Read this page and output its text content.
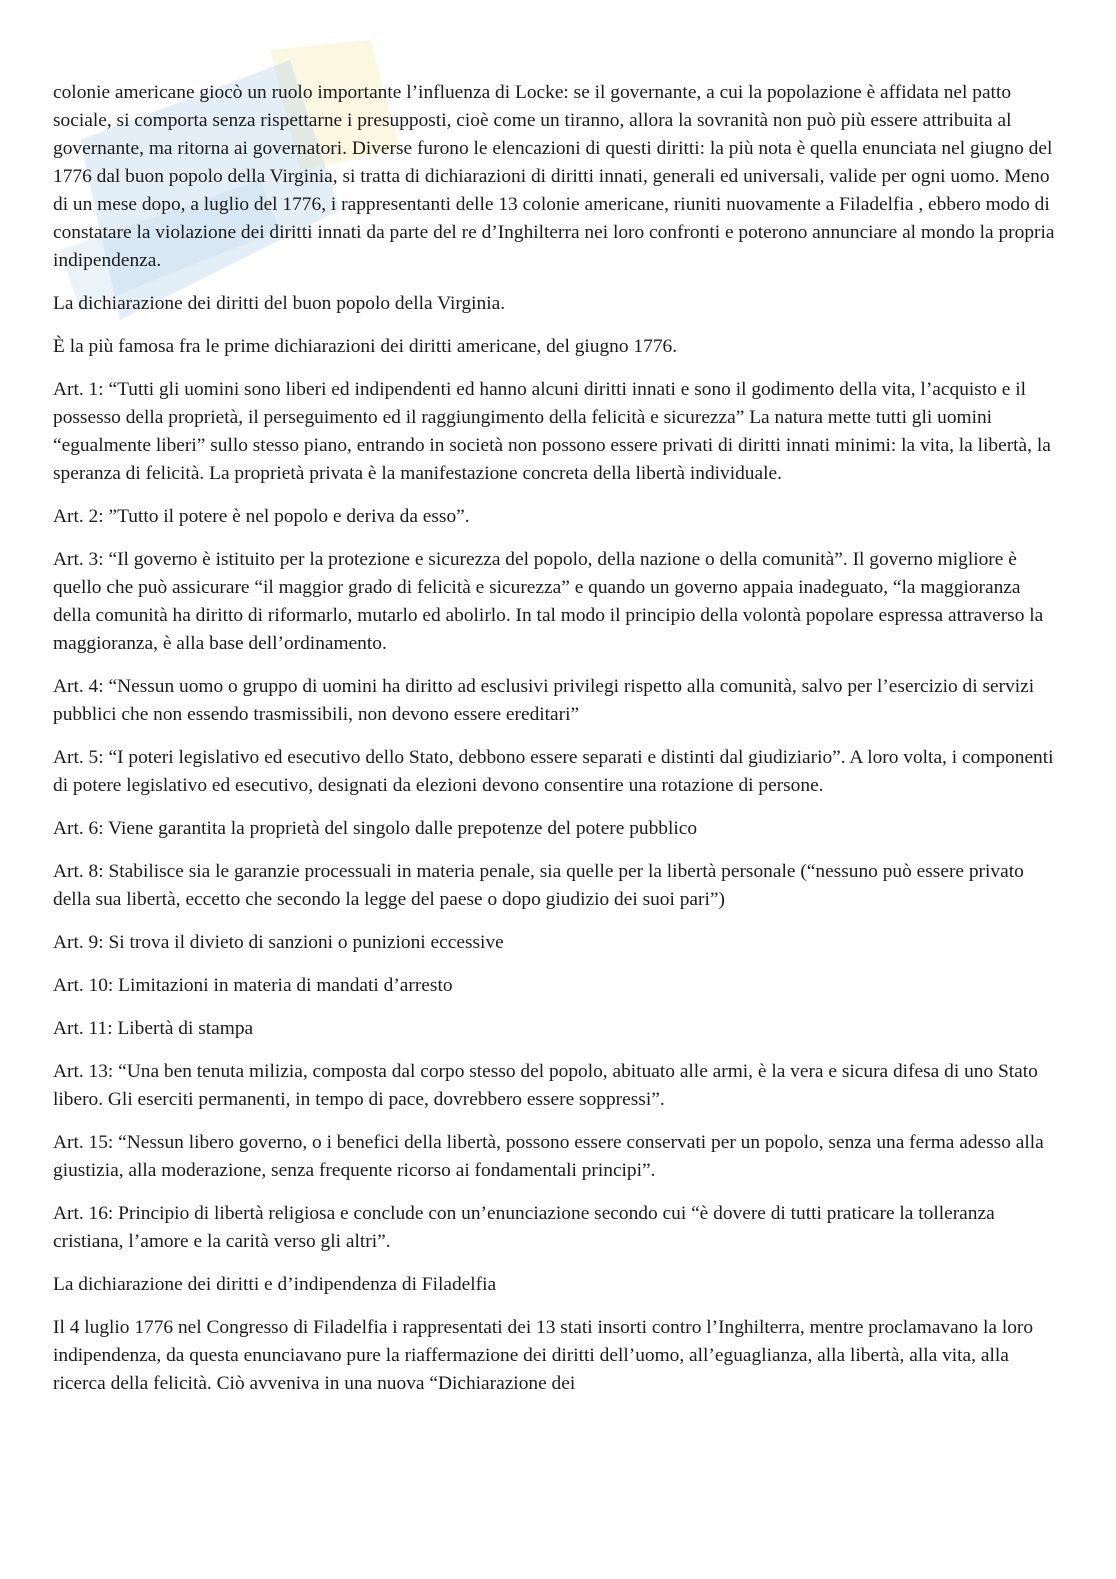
colonie americane giocò un ruolo importante l’influenza di Locke: se il governante, a cui la popolazione è affidata nel patto sociale, si comporta senza rispettarne i presupposti, cioè come un tiranno, allora la sovranità non può più essere attribuita al governante, ma ritorna ai governatori. Diverse furono le elencazioni di questi diritti: la più nota è quella enunciata nel giugno del 1776 dal buon popolo della Virginia, si tratta di dichiarazioni di diritti innati, generali ed universali, valide per ogni uomo. Meno di un mese dopo, a luglio del 1776, i rappresentanti delle 13 colonie americane, riuniti nuovamente a Filadelfia , ebbero modo di constatare la violazione dei diritti innati da parte del re d’Inghilterra nei loro confronti e poterono annunciare al mondo la propria indipendenza.

La dichiarazione dei diritti del buon popolo della Virginia.

È la più famosa fra le prime dichiarazioni dei diritti americane, del giugno 1776.

Art. 1: “Tutti gli uomini sono liberi ed indipendenti ed hanno alcuni diritti innati e sono il godimento della vita, l’acquisto e il possesso della proprietà, il perseguimento ed il raggiungimento della felicità e sicurezza” La natura mette tutti gli uomini “egualmente liberi” sullo stesso piano, entrando in società non possono essere privati di diritti innati minimi: la vita, la libertà, la speranza di felicità. La proprietà privata è la manifestazione concreta della libertà individuale.

Art. 2: ”Tutto il potere è nel popolo e deriva da esso”.

Art. 3: “Il governo è istituito per la protezione e sicurezza del popolo, della nazione o della comunità”. Il governo migliore è quello che può assicurare “il maggior grado di felicità e sicurezza” e quando un governo appaia inadeguato, “la maggioranza della comunità ha diritto di riformarlo, mutarlo ed abolirlo. In tal modo il principio della volontà popolare espressa attraverso la maggioranza, è alla base dell’ordinamento.

Art. 4: “Nessun uomo o gruppo di uomini ha diritto ad esclusivi privilegi rispetto alla comunità, salvo per l’esercizio di servizi pubblici che non essendo trasmissibili, non devono essere ereditari”

Art. 5: “I poteri legislativo ed esecutivo dello Stato, debbono essere separati e distinti dal giudiziario”. A loro volta, i componenti di potere legislativo ed esecutivo, designati da elezioni devono consentire una rotazione di persone.

Art. 6: Viene garantita la proprietà del singolo dalle prepotenze del potere pubblico

Art. 8: Stabilisce sia le garanzie processuali in materia penale, sia quelle per la libertà personale (“nessuno può essere privato della sua libertà, eccetto che secondo la legge del paese o dopo giudizio dei suoi pari”)

Art. 9: Si trova il divieto di sanzioni o punizioni eccessive

Art. 10: Limitazioni in materia di mandati d’arresto

Art. 11: Libertà di stampa

Art. 13: “Una ben tenuta milizia, composta dal corpo stesso del popolo, abituato alle armi, è la vera e sicura difesa di uno Stato libero. Gli eserciti permanenti, in tempo di pace, dovrebbero essere soppressi”.

Art. 15: “Nessun libero governo, o i benefici della libertà, possono essere conservati per un popolo, senza una ferma adesso alla giustizia, alla moderazione, senza frequente ricorso ai fondamentali principi”.

Art. 16: Principio di libertà religiosa e conclude con un’enunciazione secondo cui “è dovere di tutti praticare la tolleranza cristiana, l’amore e la carità verso gli altri”.

La dichiarazione dei diritti e d’indipendenza di Filadelfia

Il 4 luglio 1776 nel Congresso di Filadelfia i rappresentati dei 13 stati insorti contro l’Inghilterra, mentre proclamavano la loro indipendenza, da questa enunciavano pure la riaffermazione dei diritti dell’uomo, all’eguaglianza, alla libertà, alla vita, alla ricerca della felicità. Ciò avveniva in una nuova “Dichiarazione dei
